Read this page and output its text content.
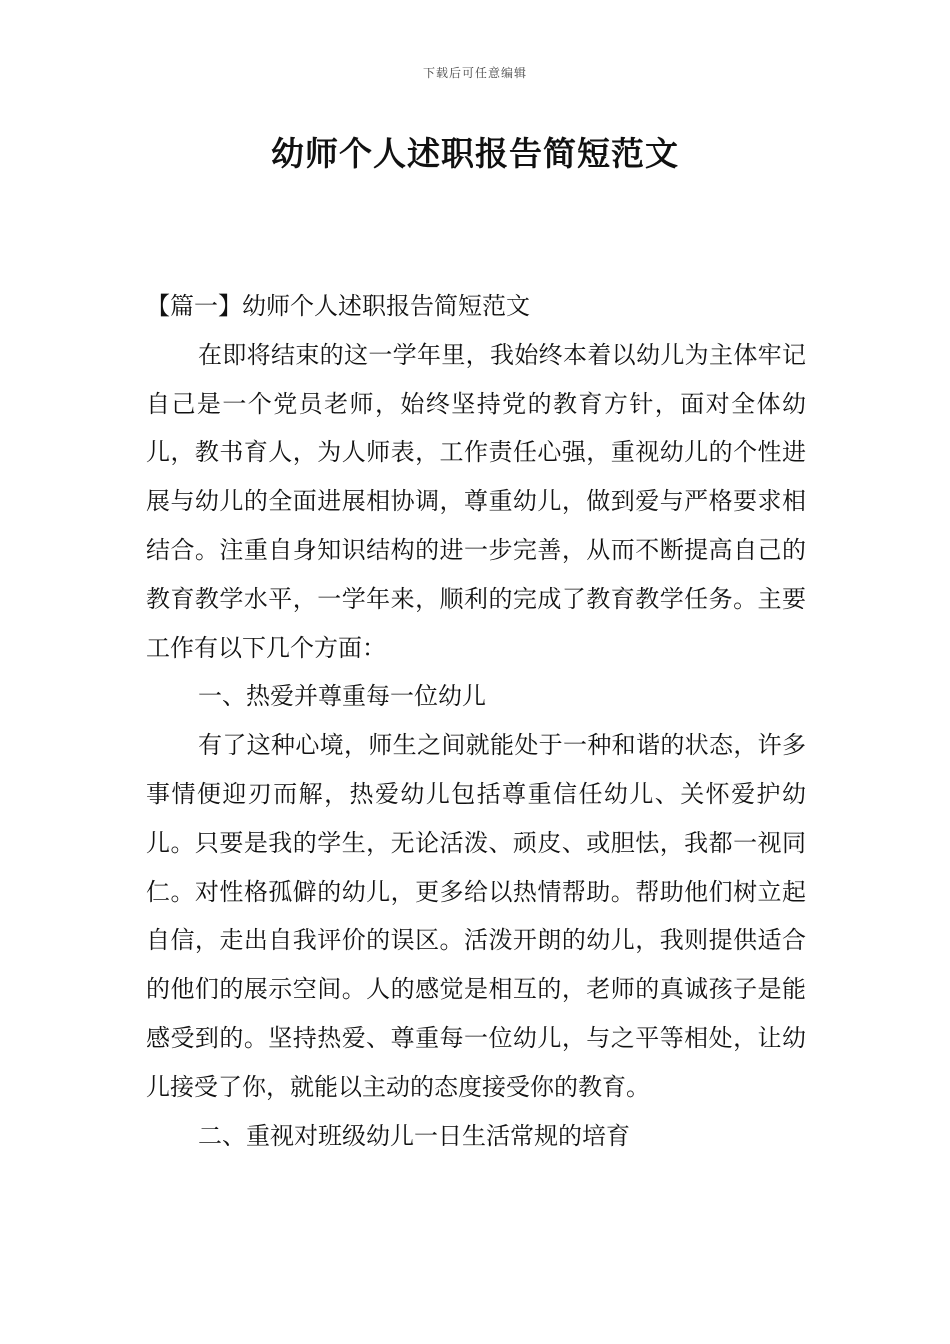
下载后可任意编辑
幼师个人述职报告简短范文

【篇一】幼师个人述职报告简短范文

在即将结束的这一学年里，我始终本着以幼儿为主体牢记自己是一个党员老师，始终坚持党的教育方针，面对全体幼儿，教书育人，为人师表，工作责任心强，重视幼儿的个性进展与幼儿的全面进展相协调，尊重幼儿，做到爱与严格要求相结合。注重自身知识结构的进一步完善，从而不断提高自己的教育教学水平，一学年来，顺利的完成了教育教学任务。主要工作有以下几个方面：

一、热爱并尊重每一位幼儿

有了这种心境，师生之间就能处于一种和谐的状态，许多事情便迎刃而解，热爱幼儿包括尊重信任幼儿、关怀爱护幼儿。只要是我的学生，无论活泼、顽皮、或胆怯，我都一视同仁。对性格孤僻的幼儿，更多给以热情帮助。帮助他们树立起自信，走出自我评价的误区。活泼开朗的幼儿，我则提供适合的他们的展示空间。人的感觉是相互的，老师的真诚孩子是能感受到的。坚持热爱、尊重每一位幼儿，与之平等相处，让幼儿接受了你，就能以主动的态度接受你的教育。

二、重视对班级幼儿一日生活常规的培育
